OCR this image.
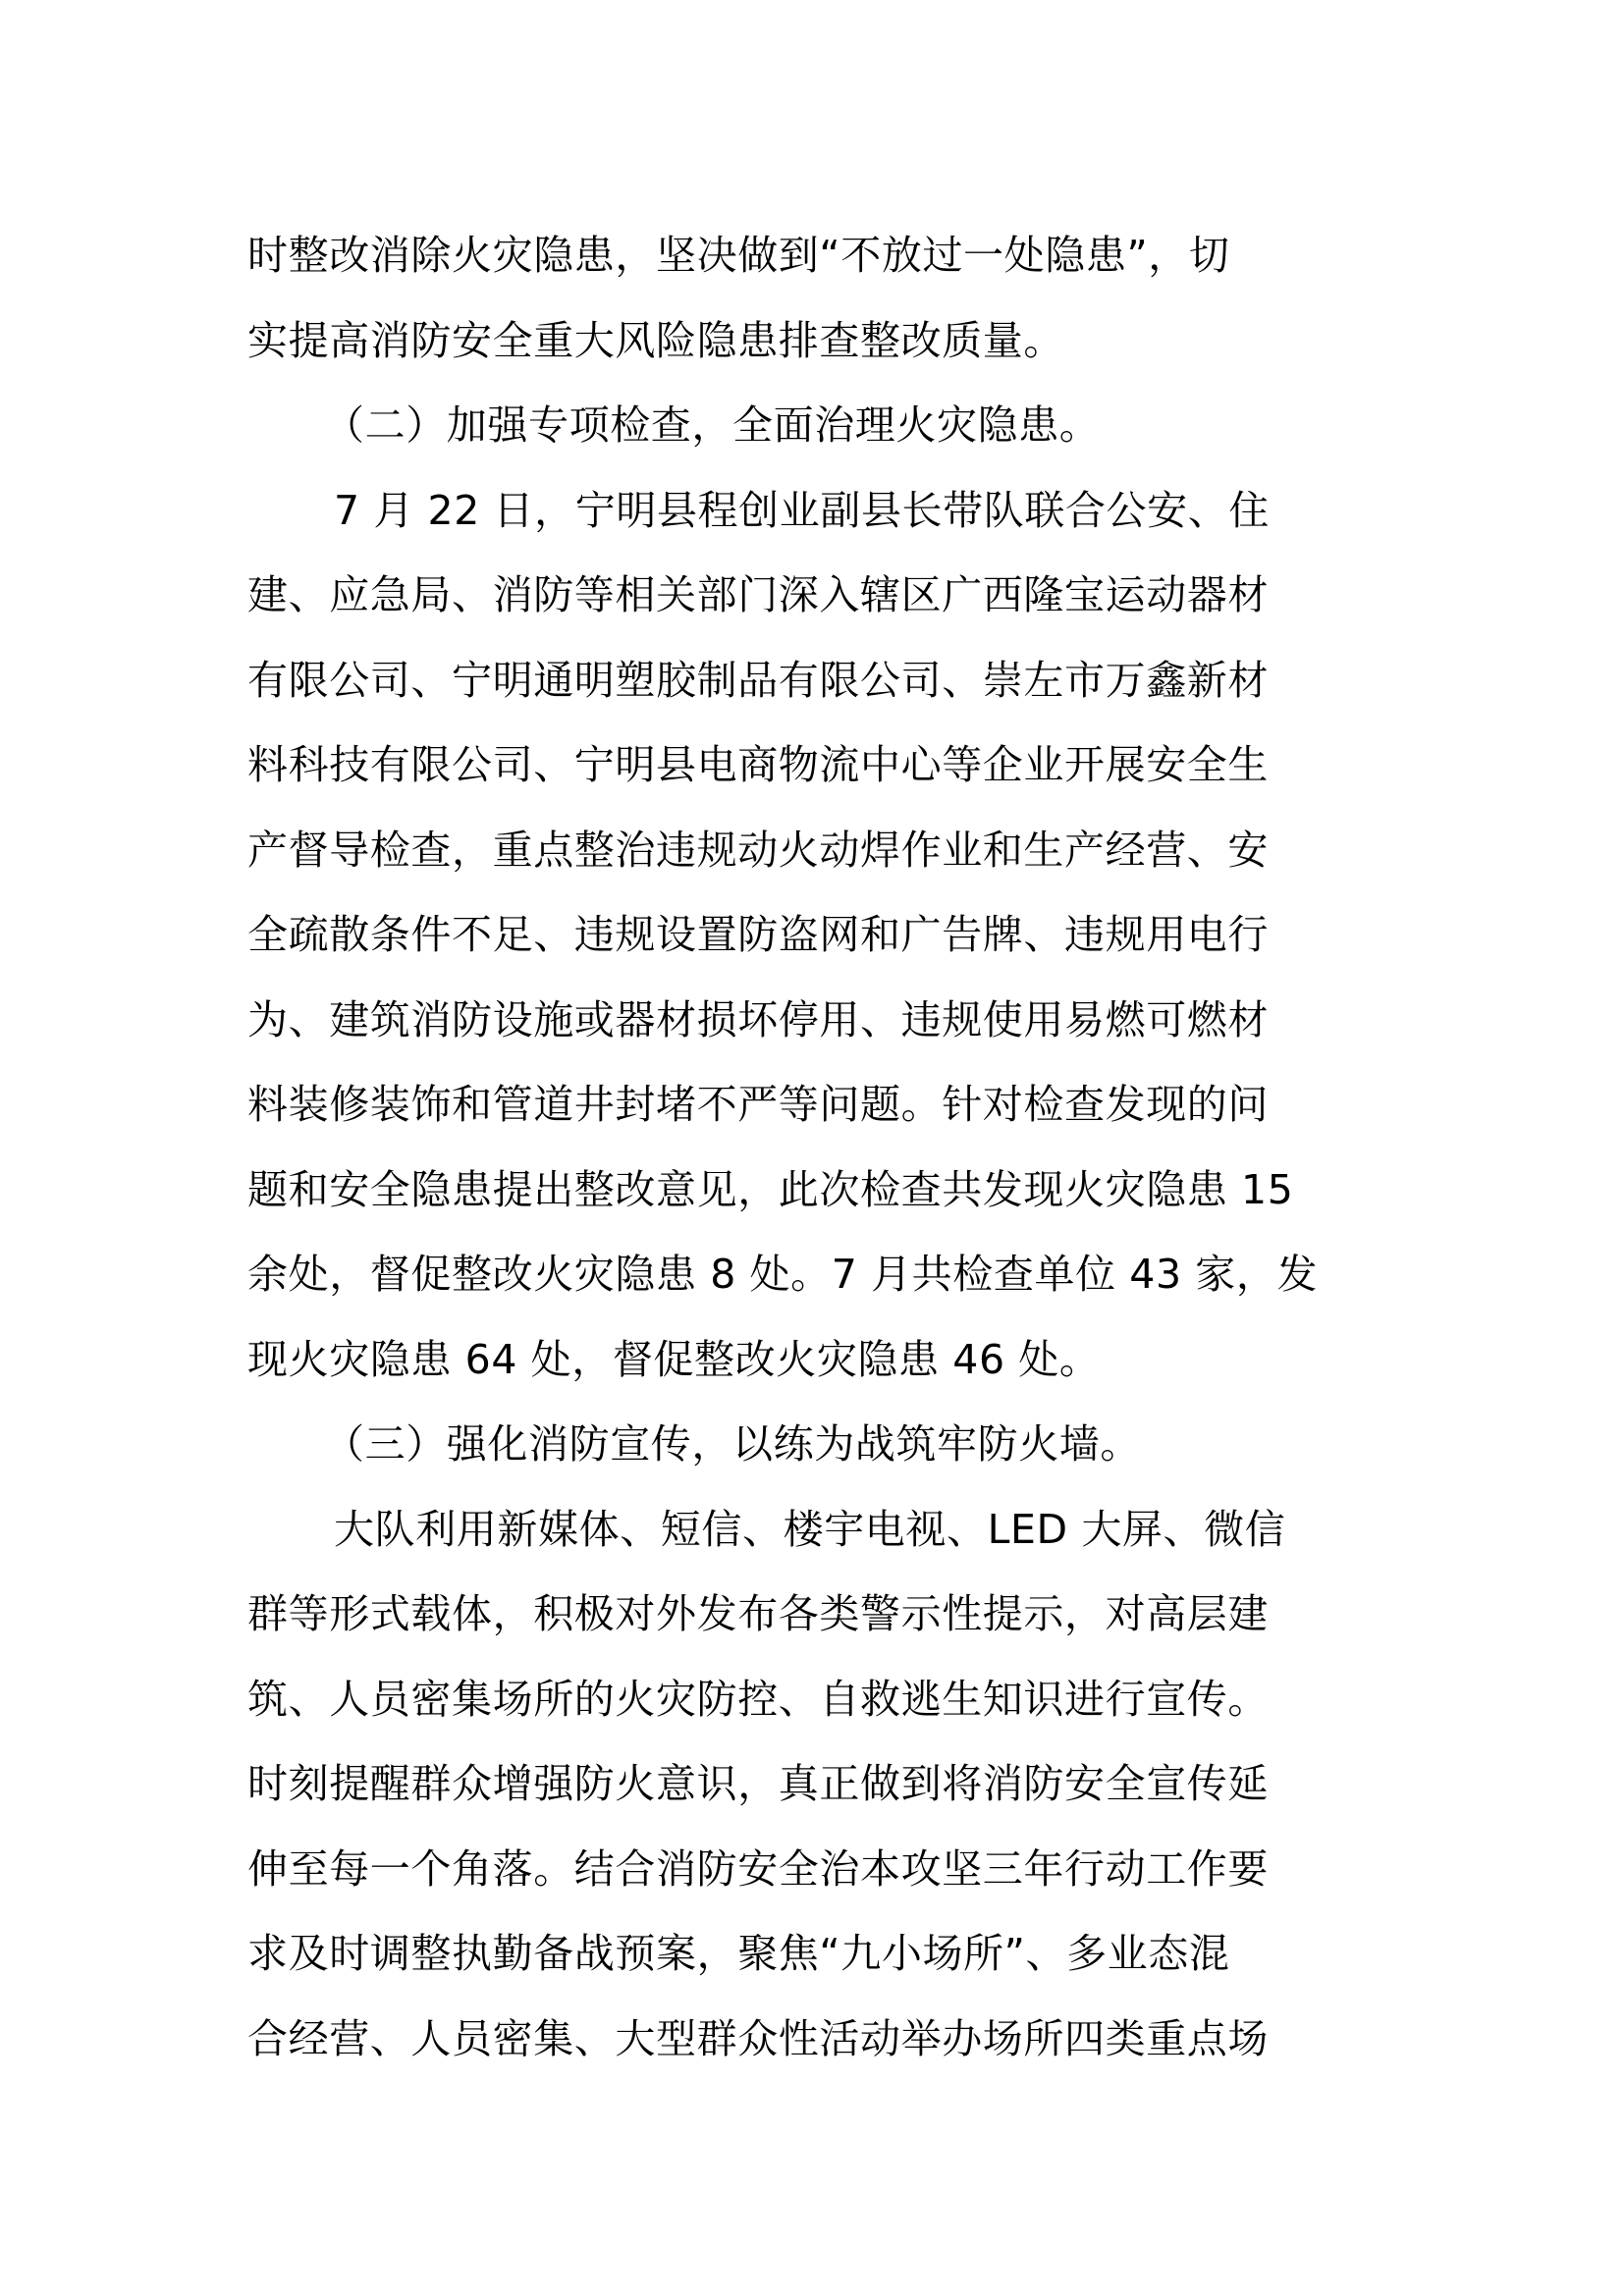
时整改消除火灾隐患，坚决做到“不放过一处隐患”，切
实提高消防安全重大风险隐患排查整改质量。
（二）加强专项检查，全面治理火灾隐患。
7 月 22 日，宁明县程创业副县长带队联合公安、住
建、应急局、消防等相关部门深入辖区广西隆宝运动器材
有限公司、宁明通明塑胶制品有限公司、崇左市万鑫新材
料科技有限公司、宁明县电商物流中心等企业开展安全生
产督导检查，重点整治违规动火动焊作业和生产经营、安
全疏散条件不足、违规设置防盗网和广告牌、违规用电行
为、建筑消防设施或器材损坏停用、违规使用易燃可燃材
料装修装饰和管道井封堵不严等问题。针对检查发现的问
题和安全隐患提出整改意见，此次检查共发现火灾隐患 15
余处，督促整改火灾隐患 8 处。7 月共检查单位 43 家，发
现火灾隐患 64 处，督促整改火灾隐患 46 处。
（三）强化消防宣传，以练为战筑牢防火墙。
大队利用新媒体、短信、楼宇电视、LED 大屏、微信
群等形式载体，积极对外发布各类警示性提示，对高层建
筑、人员密集场所的火灾防控、自救逃生知识进行宣传。
时刻提醒群众增强防火意识，真正做到将消防安全宣传延
伸至每一个角落。结合消防安全治本攻坚三年行动工作要
求及时调整执勤备战预案，聚焦“九小场所”、多业态混
合经营、人员密集、大型群众性活动举办场所四类重点场
